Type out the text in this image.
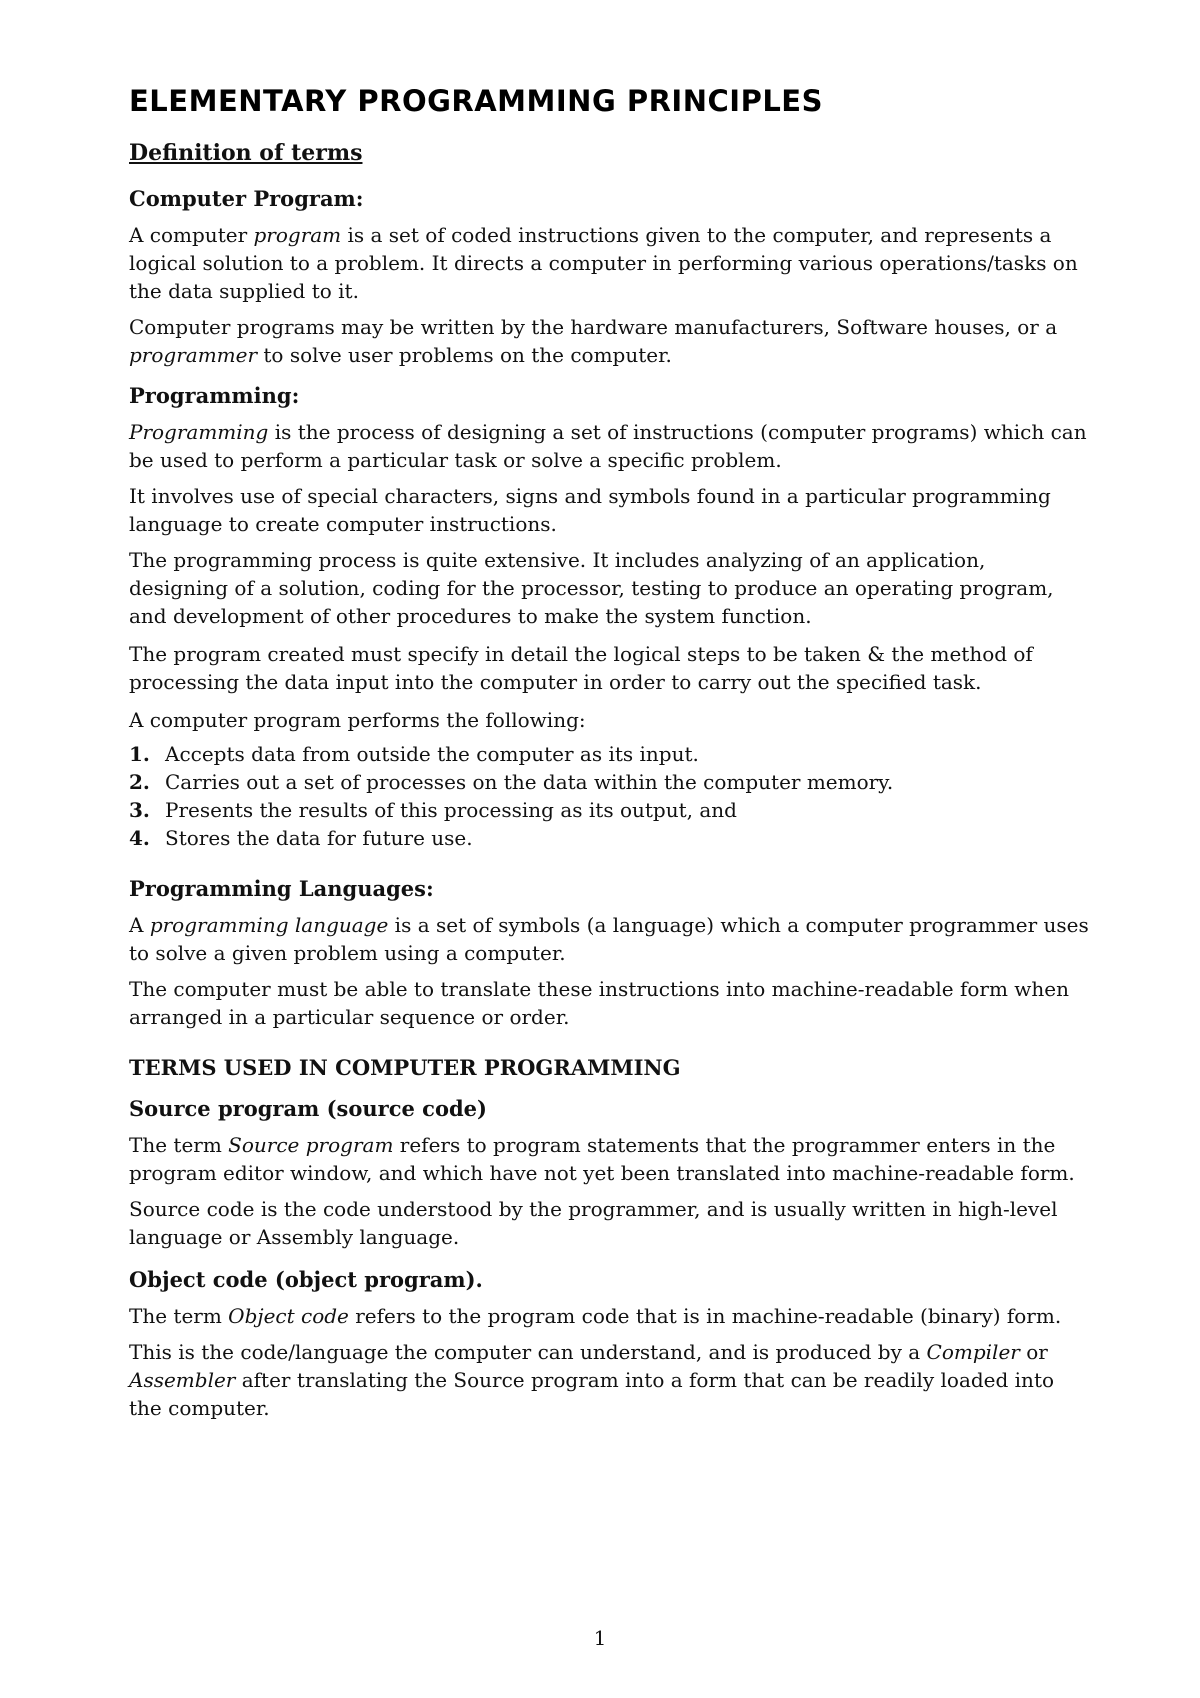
ELEMENTARY PROGRAMMING PRINCIPLES
Definition of terms
Computer Program:

A computer program is a set of coded instructions given to the computer, and represents a logical solution to a problem. It directs a computer in performing various operations/tasks on the data supplied to it.

Computer programs may be written by the hardware manufacturers, Software houses, or a programmer to solve user problems on the computer.

Programming:

Programming is the process of designing a set of instructions (computer programs) which can be used to perform a particular task or solve a specific problem.

It involves use of special characters, signs and symbols found in a particular programming language to create computer instructions.

The programming process is quite extensive. It includes analyzing of an application, designing of a solution, coding for the processor, testing to produce an operating program, and development of other procedures to make the system function.

The program created must specify in detail the logical steps to be taken & the method of processing the data input into the computer in order to carry out the specified task.

A computer program performs the following:

1. Accepts data from outside the computer as its input.
2. Carries out a set of processes on the data within the computer memory.
3. Presents the results of this processing as its output, and
4. Stores the data for future use.
Programming Languages:

A programming language is a set of symbols (a language) which a computer programmer uses to solve a given problem using a computer.

The computer must be able to translate these instructions into machine-readable form when arranged in a particular sequence or order.

TERMS USED IN COMPUTER PROGRAMMING
Source program (source code)

The term Source program refers to program statements that the programmer enters in the program editor window, and which have not yet been translated into machine-readable form.

Source code is the code understood by the programmer, and is usually written in high-level language or Assembly language.

Object code (object program).

The term Object code refers to the program code that is in machine-readable (binary) form.

This is the code/language the computer can understand, and is produced by a Compiler or Assembler after translating the Source program into a form that can be readily loaded into the computer.

1
